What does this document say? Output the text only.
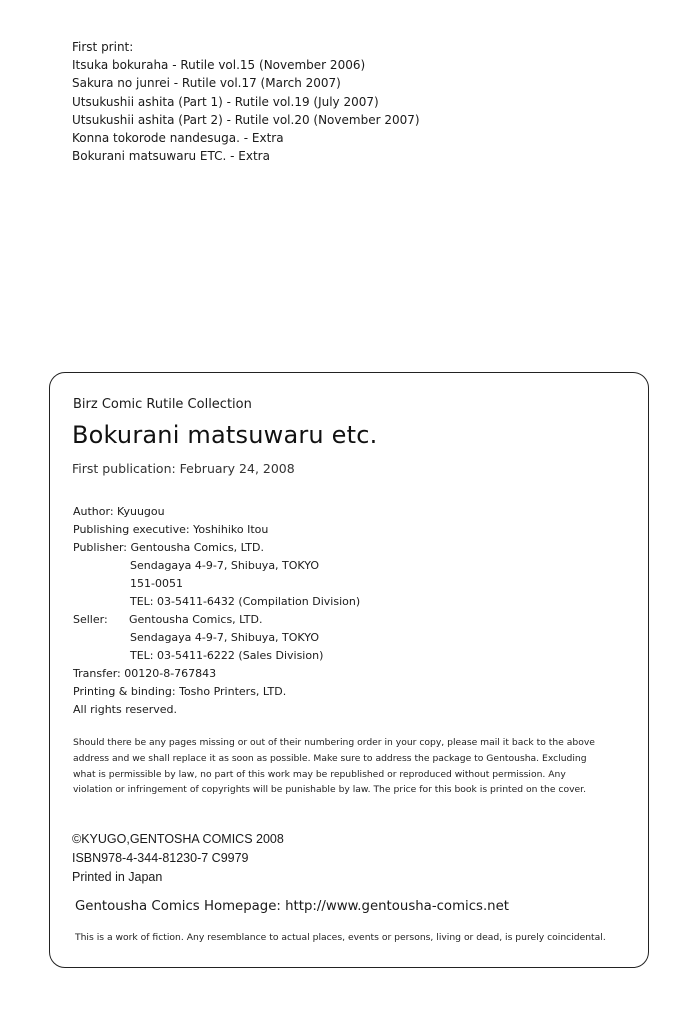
First print:
Itsuka bokuraha - Rutile vol.15 (November 2006)
Sakura no junrei - Rutile vol.17 (March 2007)
Utsukushii ashita (Part 1) - Rutile vol.19 (July 2007)
Utsukushii ashita (Part 2) - Rutile vol.20 (November 2007)
Konna tokorode nandesuga. - Extra
Bokurani matsuwaru ETC. - Extra
Birz Comic Rutile Collection
Bokurani matsuwaru etc.
First publication: February 24, 2008
Author: Kyuugou
Publishing executive: Yoshihiko Itou
Publisher: Gentousha Comics, LTD.
Sendagaya 4-9-7, Shibuya, TOKYO
151-0051
TEL: 03-5411-6432 (Compilation Division)
Seller: Gentousha Comics, LTD.
Sendagaya 4-9-7, Shibuya, TOKYO
TEL: 03-5411-6222 (Sales Division)
Transfer: 00120-8-767843
Printing & binding: Tosho Printers, LTD.
All rights reserved.
Should there be any pages missing or out of their numbering order in your copy, please mail it back to the above address and we shall replace it as soon as possible. Make sure to address the package to Gentousha. Excluding what is permissible by law, no part of this work may be republished or reproduced without permission. Any violation or infringement of copyrights will be punishable by law. The price for this book is printed on the cover.
©KYUGO,GENTOSHA COMICS 2008
ISBN978-4-344-81230-7 C9979
Printed in Japan
Gentousha Comics Homepage: http://www.gentousha-comics.net
This is a work of fiction. Any resemblance to actual places, events or persons, living or dead, is purely coincidental.
